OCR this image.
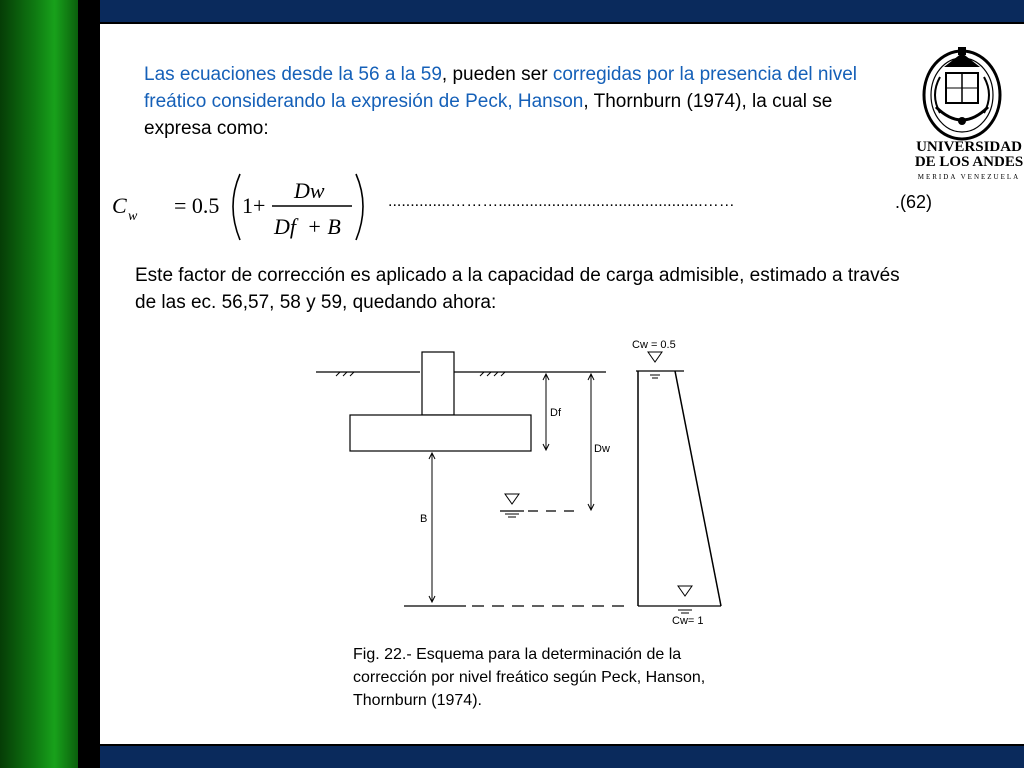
Las ecuaciones desde la 56 a la 59, pueden ser corregidas por la presencia del nivel freático considerando la expresión de Peck, Hanson, Thornburn (1974), la cual se expresa como:
UNIVERSIDAD
DE LOS ANDES
MERIDA VENEZUELA
C w = 0.5 1+
Dw
Df  + B
..............………..............................................……	.(62)
Este factor de corrección es aplicado a la capacidad de carga admisible, estimado a través de las ec. 56,57, 58 y 59, quedando ahora:
Df
Dw
B
Cw = 0.5
Cw= 1
Fig. 22.- Esquema para la determinación de la corrección por nivel freático según Peck, Hanson, Thornburn (1974).
